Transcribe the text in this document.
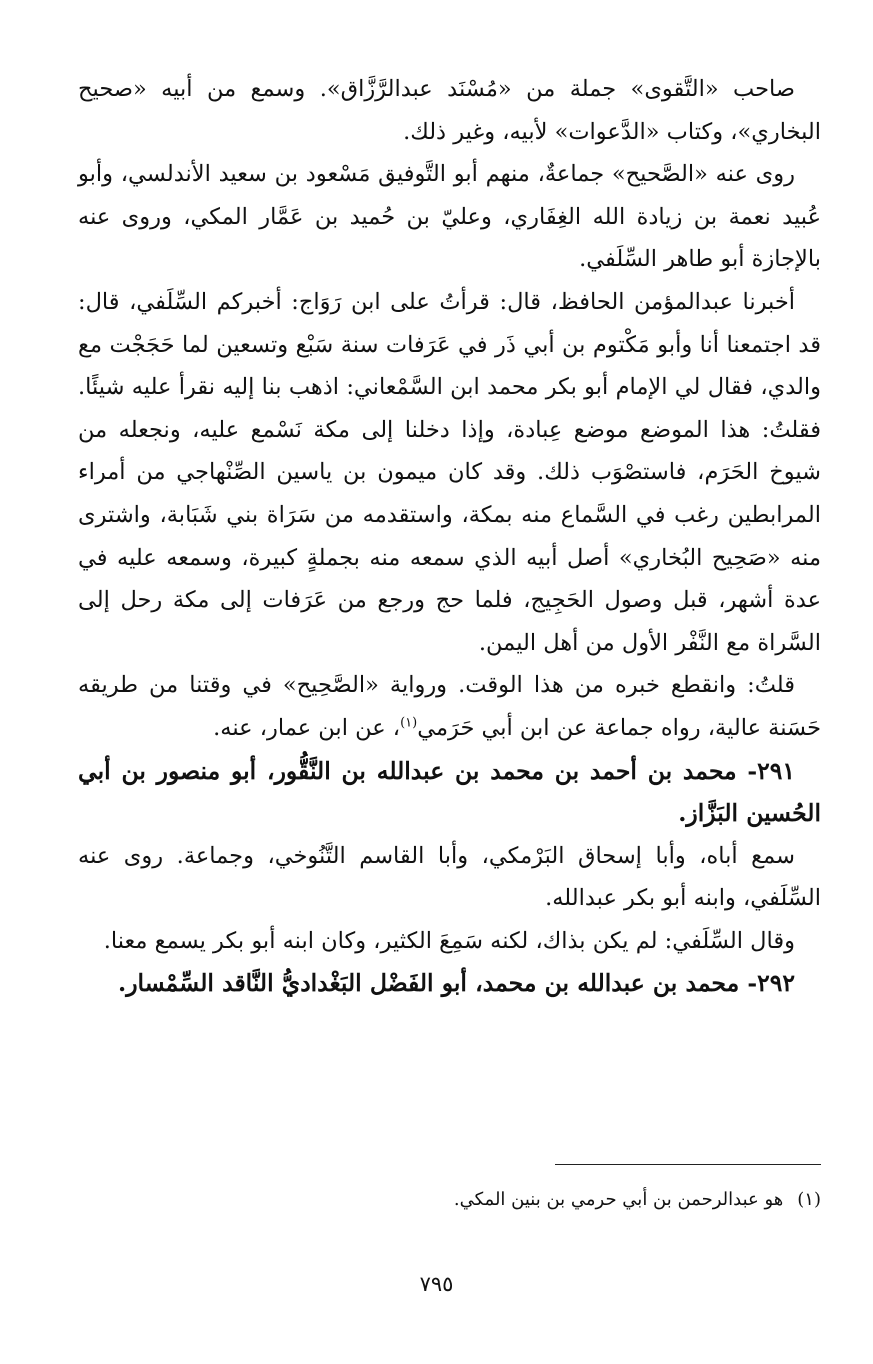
صاحب «التَّقوى» جملة من «مُسْنَد عبدالرَّزَّاق». وسمع من أبيه «صحيح البخاري»، وكتاب «الدَّعوات» لأبيه، وغير ذلك.

روى عنه «الصَّحيح» جماعةٌ، منهم أبو التَّوفيق مَسْعود بن سعيد الأندلسي، وأبو عُبيد نعمة بن زيادة الله الغِفَاري، وعليّ بن حُميد بن عَمَّار المكي، وروى عنه بالإجازة أبو طاهر السِّلَفي.

أخبرنا عبدالمؤمن الحافظ، قال: قرأتُ على ابن رَوَاج: أخبركم السِّلَفي، قال: قد اجتمعنا أنا وأبو مَكْتوم بن أبي ذَر في عَرَفات سنة سَبْع وتسعين لما حَجَجْت مع والدي، فقال لي الإمام أبو بكر محمد ابن السَّمْعاني: اذهب بنا إليه نقرأ عليه شيئًا. فقلتُ: هذا الموضع موضع عِبادة، وإذا دخلنا إلى مكة نَسْمع عليه، ونجعله من شيوخ الحَرَم، فاستصْوَب ذلك. وقد كان ميمون بن ياسين الصِّنْهاجي من أمراء المرابطين رغب في السَّماع منه بمكة، واستقدمه من سَرَاة بني شَبَابة، واشترى منه «صَحِيح البُخاري» أصل أبيه الذي سمعه منه بجملةٍ كبيرة، وسمعه عليه في عدة أشهر، قبل وصول الحَجِيج، فلما حج ورجع من عَرَفات إلى مكة رحل إلى السَّراة مع النَّفْر الأول من أهل اليمن.

قلتُ: وانقطع خبره من هذا الوقت. ورواية «الصَّحِيح» في وقتنا من طريقه حَسَنة عالية، رواه جماعة عن ابن أبي حَرَمي$^{(١)}$، عن ابن عمار، عنه.

٢٩١- محمد بن أحمد بن محمد بن عبدالله بن النَّقُّور، أبو منصور بن أبي الحُسين البَزَّاز.

سمع أباه، وأبا إسحاق البَرْمكي، وأبا القاسم التَّنُوخي، وجماعة. روى عنه السِّلَفي، وابنه أبو بكر عبدالله.

وقال السِّلَفي: لم يكن بذاك، لكنه سَمِعَ الكثير، وكان ابنه أبو بكر يسمع معنا.

٢٩٢- محمد بن عبدالله بن محمد، أبو الفَضْل البَغْداديُّ النَّاقد السِّمْسار.

(١)هو عبدالرحمن بن أبي حرمي بن بنين المكي.
٧٩٥
